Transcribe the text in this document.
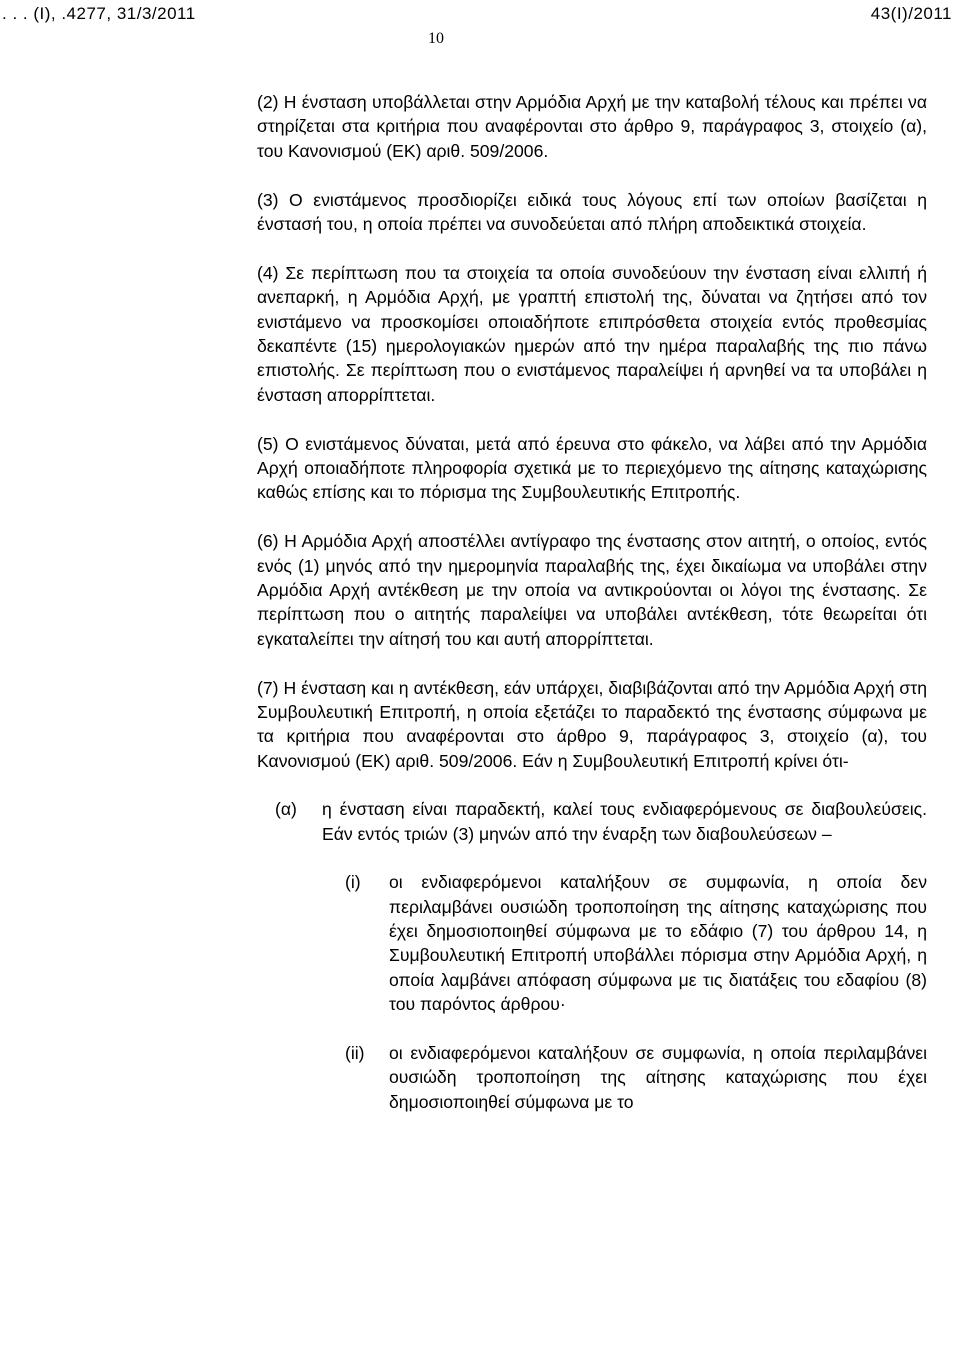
. . . (Ι), .4277, 31/3/2011	43(Ι)/2011
10

(2) Η ένσταση υποβάλλεται στην Αρμόδια Αρχή με την καταβολή τέλους και πρέπει να στηρίζεται στα κριτήρια που αναφέρονται στο άρθρο 9, παράγραφος 3, στοιχείο (α), του Κανονισμού (ΕΚ) αριθ. 509/2006.

(3) Ο ενιστάμενος προσδιορίζει ειδικά τους λόγους επί των οποίων βασίζεται η ένστασή του, η οποία πρέπει να συνοδεύεται από πλήρη αποδεικτικά στοιχεία.

(4) Σε περίπτωση που τα στοιχεία τα οποία συνοδεύουν την ένσταση είναι ελλιπή ή ανεπαρκή, η Αρμόδια Αρχή, με γραπτή επιστολή της, δύναται να ζητήσει από τον ενιστάμενο να προσκομίσει οποιαδήποτε επιπρόσθετα στοιχεία εντός προθεσμίας δεκαπέντε (15) ημερολογιακών ημερών από την ημέρα παραλαβής της πιο πάνω επιστολής. Σε περίπτωση που ο ενιστάμενος παραλείψει ή αρνηθεί να τα υποβάλει η ένσταση απορρίπτεται.

(5) Ο ενιστάμενος δύναται, μετά από έρευνα στο φάκελο, να λάβει από την Αρμόδια Αρχή οποιαδήποτε πληροφορία σχετικά με το περιεχόμενο της αίτησης καταχώρισης καθώς επίσης και το πόρισμα της Συμβουλευτικής Επιτροπής.

(6) Η Αρμόδια Αρχή αποστέλλει αντίγραφο της ένστασης στον αιτητή, ο οποίος, εντός ενός (1) μηνός από την ημερομηνία παραλαβής της, έχει δικαίωμα να υποβάλει στην Αρμόδια Αρχή αντέκθεση με την οποία να αντικρούονται οι λόγοι της ένστασης. Σε περίπτωση που ο αιτητής παραλείψει να υποβάλει αντέκθεση, τότε θεωρείται ότι εγκαταλείπει την αίτησή του και αυτή απορρίπτεται.

(7) Η ένσταση και η αντέκθεση, εάν υπάρχει, διαβιβάζονται από την Αρμόδια Αρχή στη Συμβουλευτική Επιτροπή, η οποία εξετάζει το παραδεκτό της ένστασης σύμφωνα με τα κριτήρια που αναφέρονται στο άρθρο 9, παράγραφος 3, στοιχείο (α), του Κανονισμού (ΕΚ) αριθ. 509/2006. Εάν η Συμβουλευτική Επιτροπή κρίνει ότι-

(α) η ένσταση είναι παραδεκτή, καλεί τους ενδιαφερόμενους σε διαβουλεύσεις. Εάν εντός τριών (3) μηνών από την έναρξη των διαβουλεύσεων –
(i) οι ενδιαφερόμενοι καταλήξουν σε συμφωνία, η οποία δεν περιλαμβάνει ουσιώδη τροποποίηση της αίτησης καταχώρισης που έχει δημοσιοποιηθεί σύμφωνα με το εδάφιο (7) του άρθρου 14, η Συμβουλευτική Επιτροπή υποβάλλει πόρισμα στην Αρμόδια Αρχή, η οποία λαμβάνει απόφαση σύμφωνα με τις διατάξεις του εδαφίου (8) του παρόντος άρθρου·
(ii) οι ενδιαφερόμενοι καταλήξουν σε συμφωνία, η οποία περιλαμβάνει ουσιώδη τροποποίηση της αίτησης καταχώρισης που έχει δημοσιοποιηθεί σύμφωνα με το
